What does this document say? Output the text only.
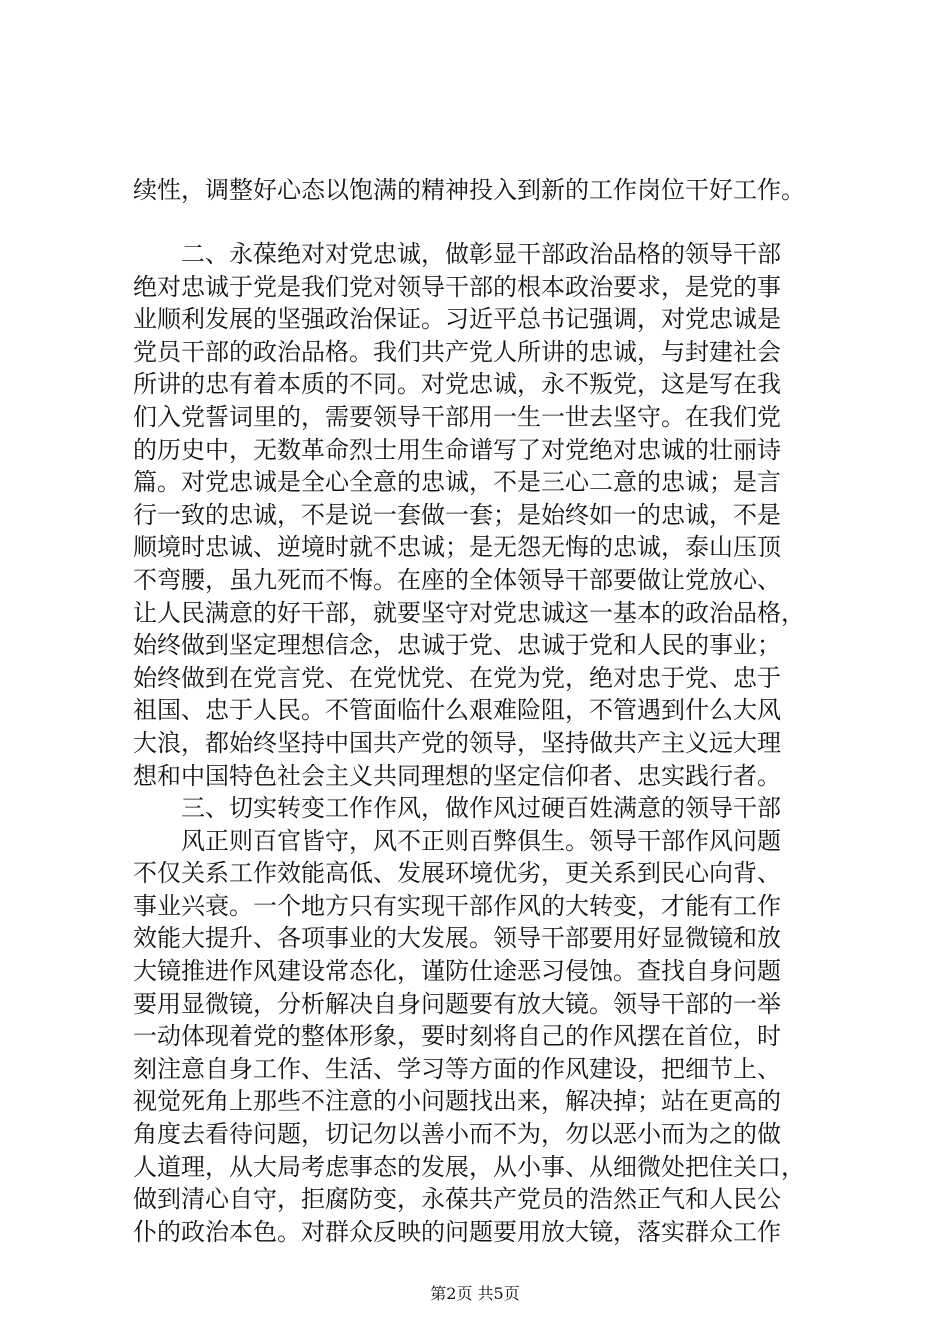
续性，调整好心态以饱满的精神投入到新的工作岗位干好工作。
　　二、永葆绝对对党忠诚，做彰显干部政治品格的领导干部
绝对忠诚于党是我们党对领导干部的根本政治要求，是党的事
业顺利发展的坚强政治保证。习近平总书记强调，对党忠诚是
党员干部的政治品格。我们共产党人所讲的忠诚，与封建社会
所讲的忠有着本质的不同。对党忠诚，永不叛党，这是写在我
们入党誓词里的，需要领导干部用一生一世去坚守。在我们党
的历史中，无数革命烈士用生命谱写了对党绝对忠诚的壮丽诗
篇。对党忠诚是全心全意的忠诚，不是三心二意的忠诚；是言
行一致的忠诚，不是说一套做一套；是始终如一的忠诚，不是
顺境时忠诚、逆境时就不忠诚；是无怨无悔的忠诚，泰山压顶
不弯腰，虽九死而不悔。在座的全体领导干部要做让党放心、
让人民满意的好干部，就要坚守对党忠诚这一基本的政治品格，
始终做到坚定理想信念，忠诚于党、忠诚于党和人民的事业；
始终做到在党言党、在党忧党、在党为党，绝对忠于党、忠于
祖国、忠于人民。不管面临什么艰难险阻，不管遇到什么大风
大浪，都始终坚持中国共产党的领导，坚持做共产主义远大理
想和中国特色社会主义共同理想的坚定信仰者、忠实践行者。
　　三、切实转变工作作风，做作风过硬百姓满意的领导干部
　　风正则百官皆守，风不正则百弊俱生。领导干部作风问题
不仅关系工作效能高低、发展环境优劣，更关系到民心向背、
事业兴衰。一个地方只有实现干部作风的大转变，才能有工作
效能大提升、各项事业的大发展。领导干部要用好显微镜和放
大镜推进作风建设常态化，谨防仕途恶习侵蚀。查找自身问题
要用显微镜，分析解决自身问题要有放大镜。领导干部的一举
一动体现着党的整体形象，要时刻将自己的作风摆在首位，时
刻注意自身工作、生活、学习等方面的作风建设，把细节上、
视觉死角上那些不注意的小问题找出来，解决掉；站在更高的
角度去看待问题，切记勿以善小而不为，勿以恶小而为之的做
人道理，从大局考虑事态的发展，从小事、从细微处把住关口，
做到清心自守，拒腐防变，永葆共产党员的浩然正气和人民公
仆的政治本色。对群众反映的问题要用放大镜，落实群众工作
第2页 共5页
